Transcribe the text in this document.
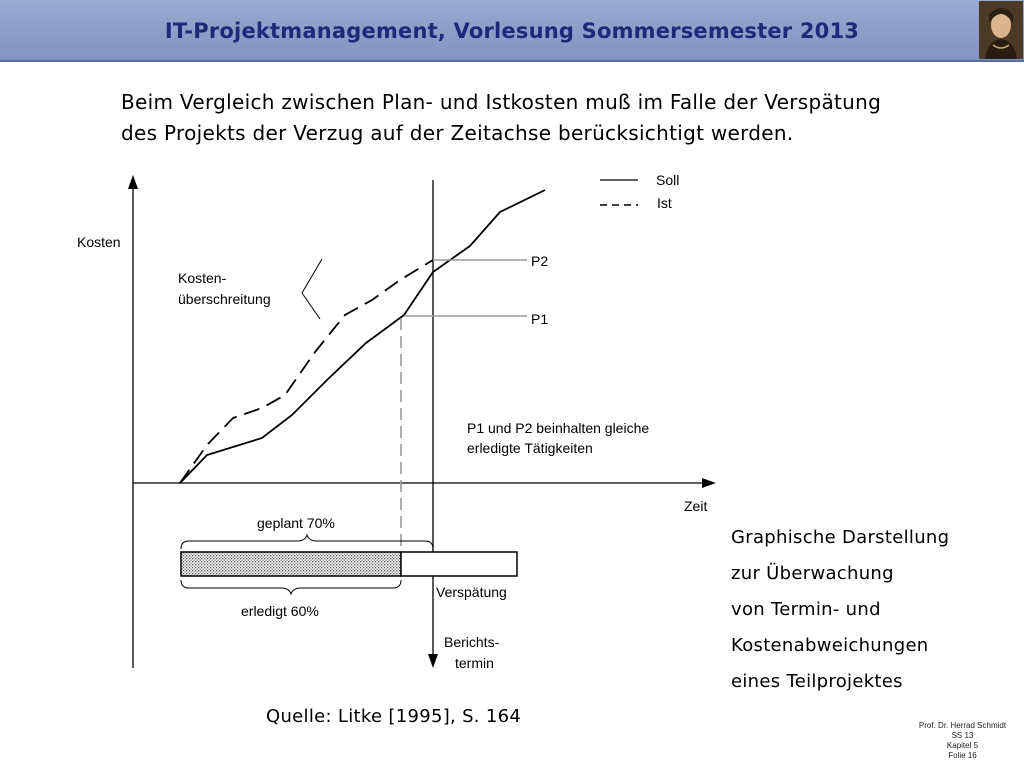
IT-Projektmanagement, Vorlesung Sommersemester 2013
Beim Vergleich zwischen Plan- und Istkosten muß im Falle der Verspätung
des Projekts der Verzug auf der Zeitachse berücksichtigt werden.
Soll
Ist
P2
P1
Kosten
Zeit
Kosten-
überschreitung
P1 und P2 beinhalten gleiche
erledigte Tätigkeiten
geplant 70%
erledigt 60%
Verspätung
Berichts-
termin
Graphische Darstellung
zur Überwachung
von Termin- und
Kostenabweichungen
eines Teilprojektes
Quelle: Litke [1995], S. 164	Prof. Dr. Herrad Schmidt
SS 13
Kapitel 5
Folie 16
